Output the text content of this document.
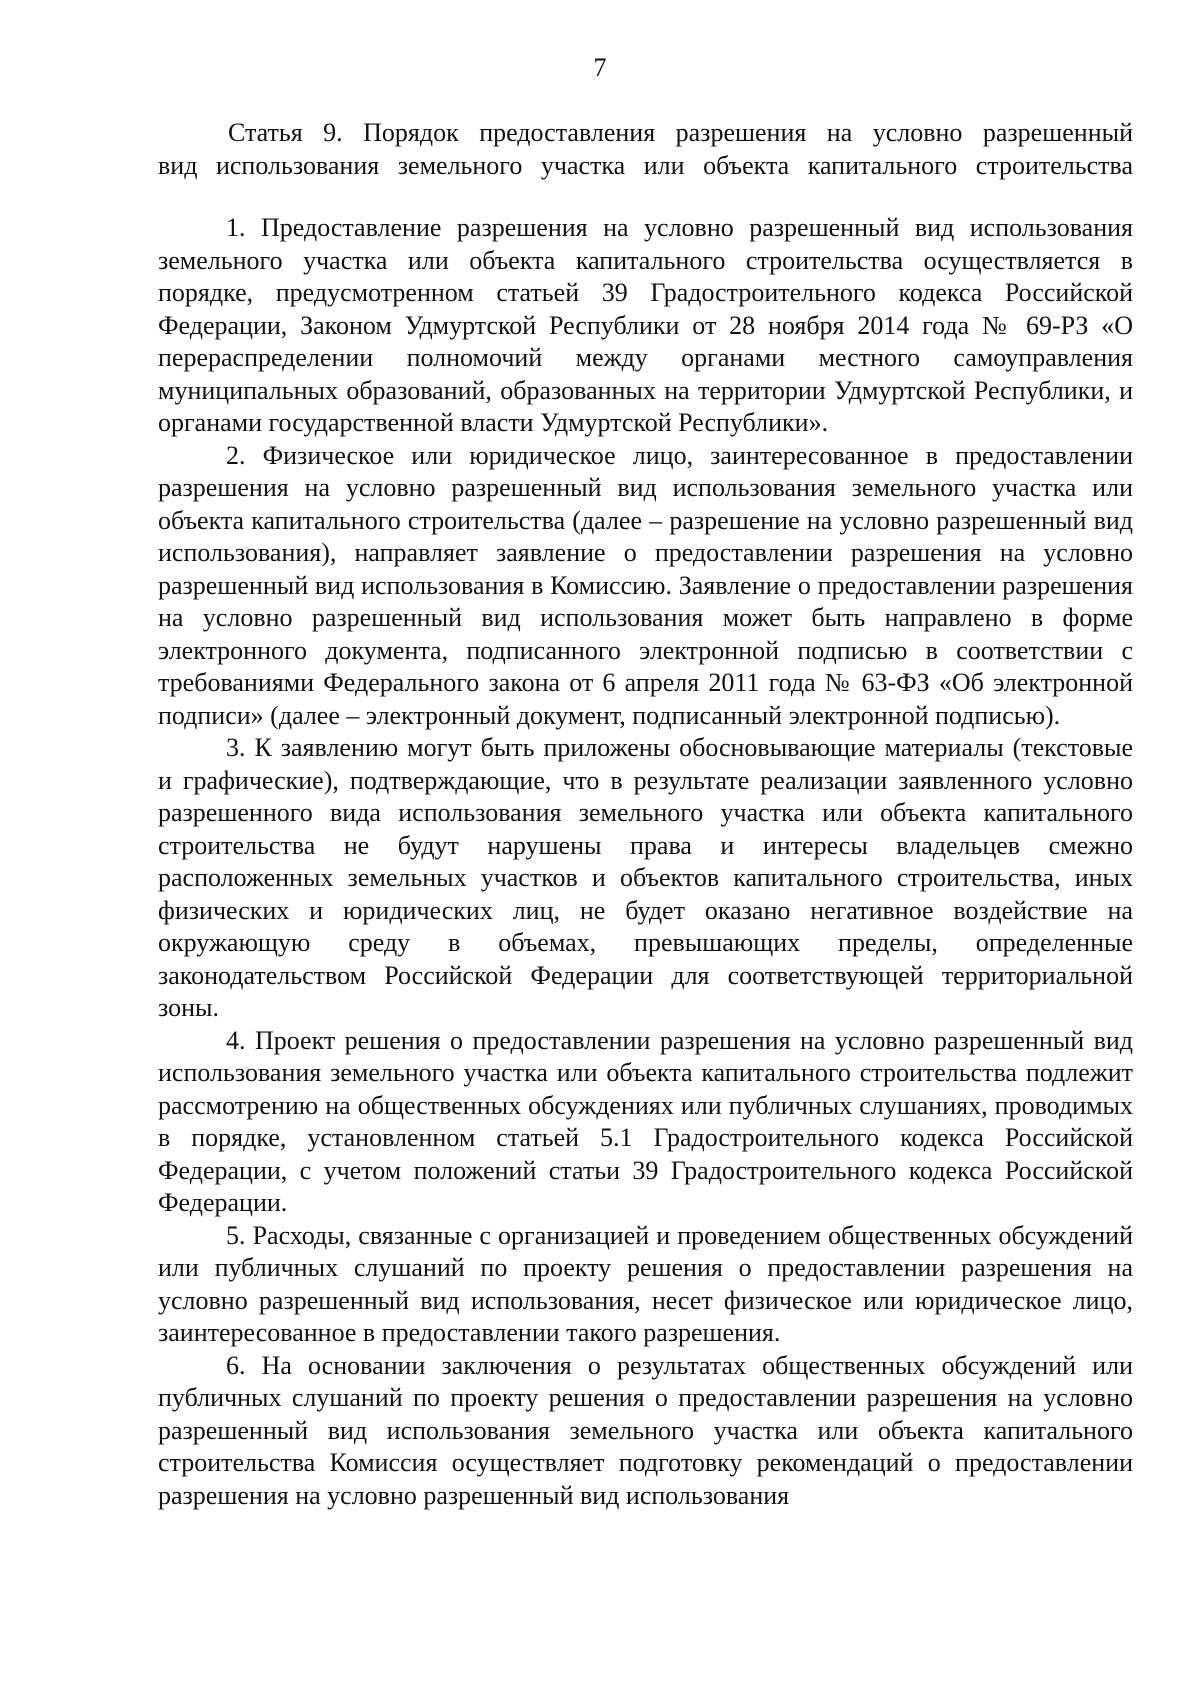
7
Статья 9. Порядок предоставления разрешения на условно разрешенный
вид использования земельного участка или объекта капитального строительства

1. Предоставление разрешения на условно разрешенный вид использования земельного участка или объекта капитального строительства осуществляется в порядке, предусмотренном статьей 39 Градостроительного кодекса Российской Федерации, Законом Удмуртской Республики от 28 ноября 2014 года № 69-РЗ «О перераспределении полномочий между органами местного самоуправления муниципальных образований, образованных на территории Удмуртской Республики, и органами государственной власти Удмуртской Республики».

2. Физическое или юридическое лицо, заинтересованное в предоставлении разрешения на условно разрешенный вид использования земельного участка или объекта капитального строительства (далее – разрешение на условно разрешенный вид использования), направляет заявление о предоставлении разрешения на условно разрешенный вид использования в Комиссию. Заявление о предоставлении разрешения на условно разрешенный вид использования может быть направлено в форме электронного документа, подписанного электронной подписью в соответствии с требованиями Федерального закона от 6 апреля 2011 года № 63-ФЗ «Об электронной подписи» (далее – электронный документ, подписанный электронной подписью).

3. К заявлению могут быть приложены обосновывающие материалы (текстовые и графические), подтверждающие, что в результате реализации заявленного условно разрешенного вида использования земельного участка или объекта капитального строительства не будут нарушены права и интересы владельцев смежно расположенных земельных участков и объектов капитального строительства, иных физических и юридических лиц, не будет оказано негативное воздействие на окружающую среду в объемах, превышающих пределы, определенные законодательством Российской Федерации для соответствующей территориальной зоны.

4. Проект решения о предоставлении разрешения на условно разрешенный вид использования земельного участка или объекта капитального строительства подлежит рассмотрению на общественных обсуждениях или публичных слушаниях, проводимых в порядке, установленном статьей 5.1 Градостроительного кодекса Российской Федерации, с учетом положений статьи 39 Градостроительного кодекса Российской Федерации.

5. Расходы, связанные с организацией и проведением общественных обсуждений или публичных слушаний по проекту решения о предоставлении разрешения на условно разрешенный вид использования, несет физическое или юридическое лицо, заинтересованное в предоставлении такого разрешения.

6. На основании заключения о результатах общественных обсуждений или публичных слушаний по проекту решения о предоставлении разрешения на условно разрешенный вид использования земельного участка или объекта капитального строительства Комиссия осуществляет подготовку рекомендаций о предоставлении разрешения на условно разрешенный вид использования
